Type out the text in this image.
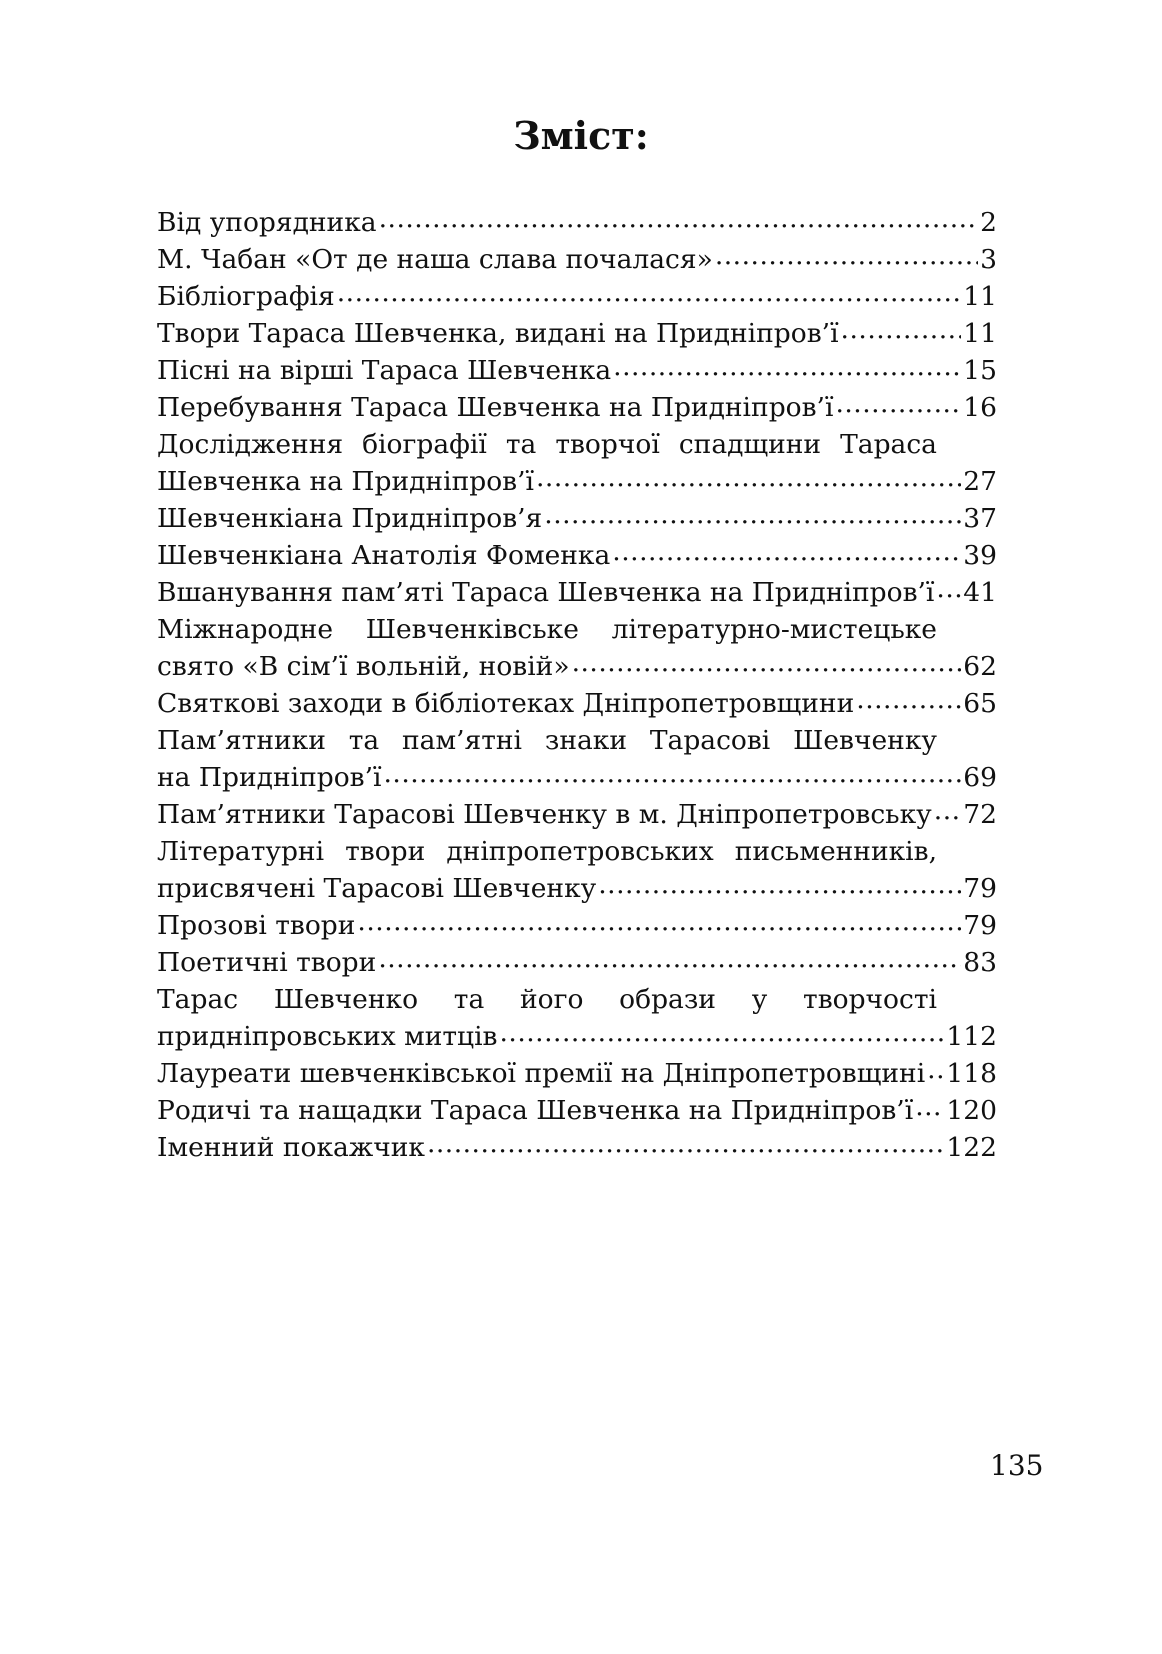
Зміст:
Від упорядника .....	2
М. Чабан «От де наша слава почалася» .....	3
Бібліографія .....	11
Твори Тараса Шевченка, видані на Придніпров’ї .....	11
Пісні на вірші Тараса Шевченка .....	15
Перебування Тараса Шевченка на Придніпров’ї .....	16
Дослідження біографії та творчої спадщини Тараса
Шевченка на Придніпров’ї .....	27
Шевченкіана Придніпров’я .....	37
Шевченкіана Анатолія Фоменка .....	39
Вшанування пам’яті Тараса Шевченка на Придніпров’ї ..... 41
Міжнародне Шевченківське літературно-мистецьке
свято «В сім’ї вольній, новій» .....	62
Святкові заходи в бібліотеках Дніпропетровщини .....	65
Пам’ятники та пам’ятні знаки Тарасові Шевченку
на Придніпров’ї .....	69
Пам’ятники Тарасові Шевченку в м. Дніпропетровську ..... 72
Літературні твори дніпропетровських письменників,
присвячені Тарасові Шевченку .....	79
Прозові твори .....	79
Поетичні твори .....	83
Тарас Шевченко та його образи у творчості
придніпровських митців .....	112
Лауреати шевченківської премії на Дніпропетровщині ..... 118
Родичі та нащадки Тараса Шевченка на Придніпров’ї ..... 120
Іменний покажчик .....	122
135
